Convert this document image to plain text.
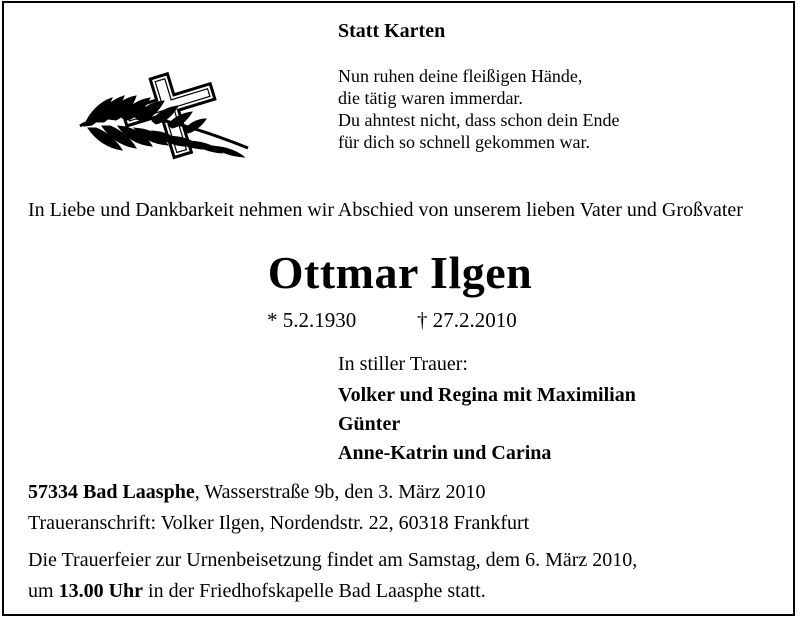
Statt Karten
Nun ruhen deine fleißigen Hände,
die tätig waren immerdar.
Du ahntest nicht, dass schon dein Ende
für dich so schnell gekommen war.
In Liebe und Dankbarkeit nehmen wir Abschied von unserem lieben Vater und Großvater
Ottmar Ilgen
* 5.2.1930	† 27.2.2010
In stiller Trauer:
Volker und Regina mit Maximilian
Günter
Anne-Katrin und Carina
57334 Bad Laasphe, Wasserstraße 9b, den 3. März 2010
Traueranschrift: Volker Ilgen, Nordendstr. 22, 60318 Frankfurt
Die Trauerfeier zur Urnenbeisetzung findet am Samstag, dem 6. März 2010,
um 13.00 Uhr in der Friedhofskapelle Bad Laasphe statt.
